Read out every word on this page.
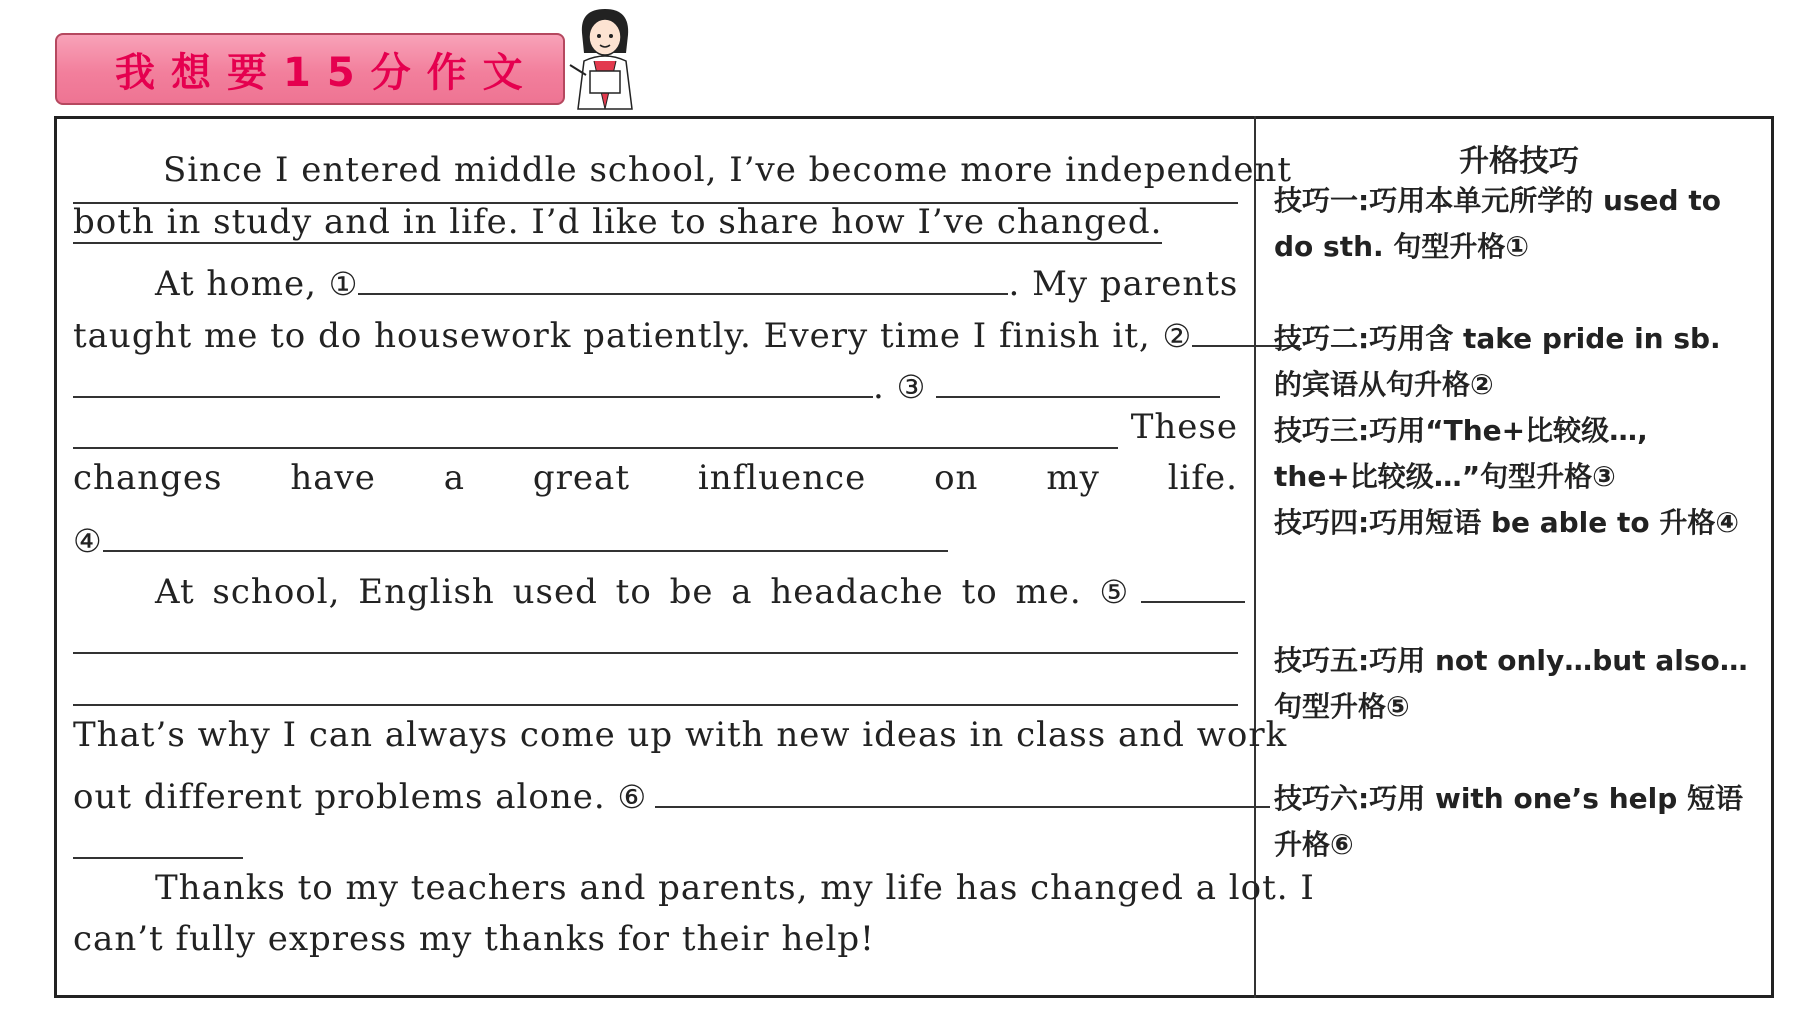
我想要15分作文
Since I entered middle school, I’ve become more independent
both in study and in life. I’d like to share how I’ve changed.
At home, ①	. My parents
taught me to do housework patiently. Every time I finish it, ②
. ③
These
changes have a great influence on my life.
④
At school, English used to be a headache to me. ⑤
That’s why I can always come up with new ideas in class and work
out different problems alone. ⑥
Thanks to my teachers and parents, my life has changed a lot. I
can’t fully express my thanks for their help!
升格技巧
技巧一:巧用本单元所学的 used to do sth. 句型升格①
技巧二:巧用含 take pride in sb. 的宾语从句升格②
技巧三:巧用“The+比较级…, the+比较级…”句型升格③
技巧四:巧用短语 be able to 升格④
技巧五:巧用 not only…but also…句型升格⑤
技巧六:巧用 with one’s help 短语升格⑥
